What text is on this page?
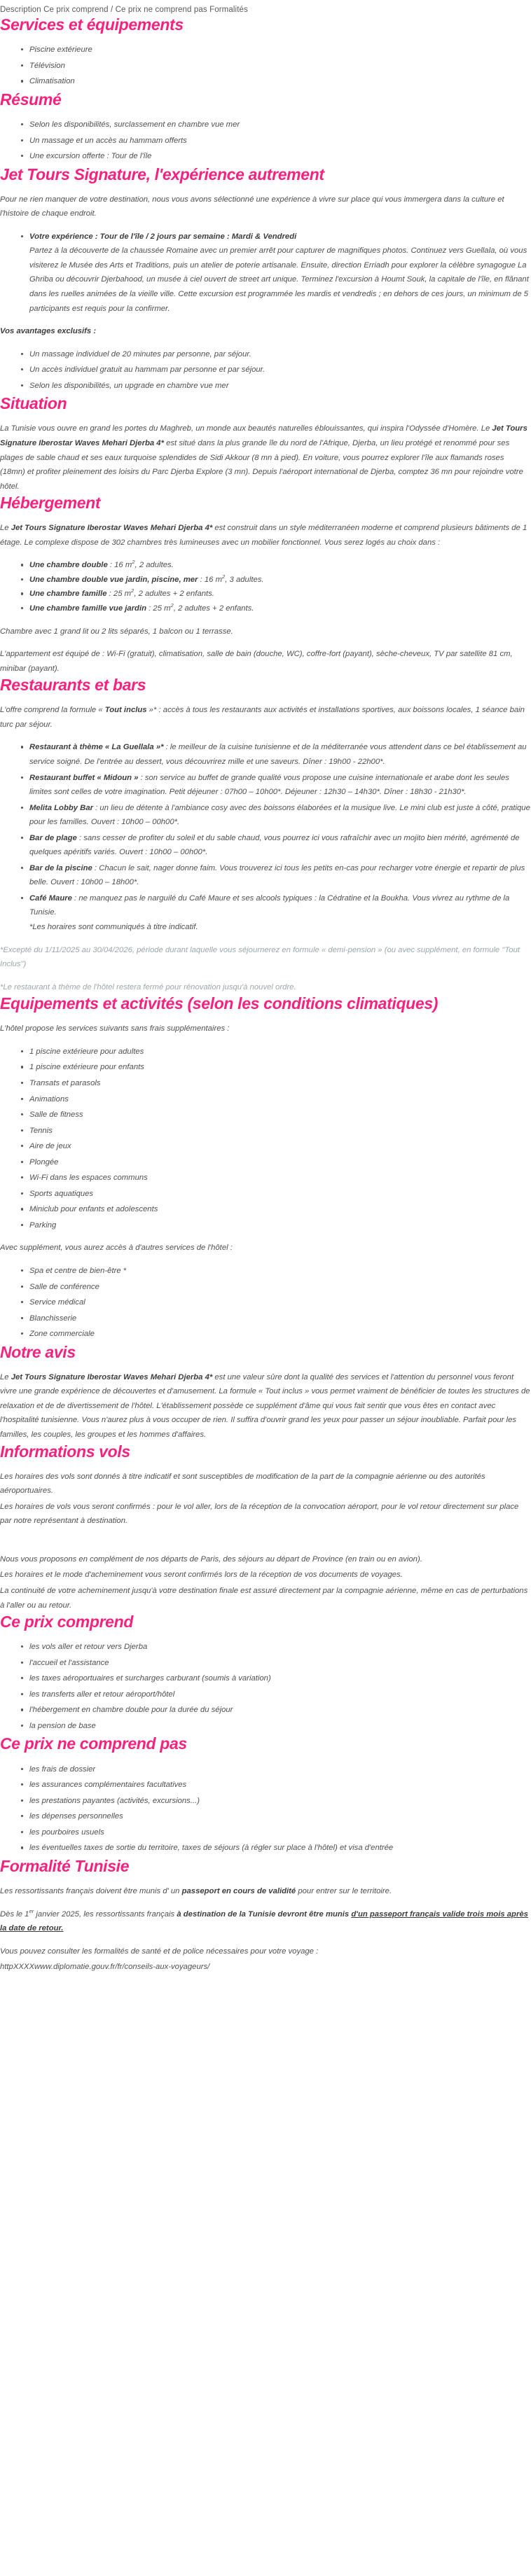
Description Ce prix comprend / Ce prix ne comprend pas Formalités
Services et équipements
Piscine extérieure
Télévision
Climatisation
Résumé
Selon les disponibilités, surclassement en chambre vue mer
Un massage et un accès au hammam offerts
Une excursion offerte : Tour de l'île
Jet Tours Signature, l'expérience autrement

Pour ne rien manquer de votre destination, nous vous avons sélectionné une expérience à vivre sur place qui vous immergera dans la culture et l'histoire de chaque endroit.

Votre expérience : Tour de l'île / 2 jours par semaine : Mardi & Vendredi
Partez à la découverte de la chaussée Romaine avec un premier arrêt pour capturer de magnifiques photos. Continuez vers Guellala, où vous visiterez le Musée des Arts et Traditions, puis un atelier de poterie artisanale. Ensuite, direction Erriadh pour explorer la célèbre synagogue La Ghriba ou découvrir Djerbahood, un musée à ciel ouvert de street art unique. Terminez l'excursion à Houmt Souk, la capitale de l'île, en flânant dans les ruelles animées de la vieille ville. Cette excursion est programmée les mardis et vendredis ; en dehors de ces jours, un minimum de 5 participants est requis pour la confirmer.

Vos avantages exclusifs :

Un massage individuel de 20 minutes par personne, par séjour.
Un accès individuel gratuit au hammam par personne et par séjour.
Selon les disponibilités, un upgrade en chambre vue mer
Situation

La Tunisie vous ouvre en grand les portes du Maghreb, un monde aux beautés naturelles éblouissantes, qui inspira l'Odyssée d'Homère. Le Jet Tours Signature Iberostar Waves Mehari Djerba 4* est situé dans la plus grande île du nord de l'Afrique, Djerba, un lieu protégé et renommé pour ses plages de sable chaud et ses eaux turquoise splendides de Sidi Akkour (8 mn à pied). En voiture, vous pourrez explorer l'île aux flamands roses (18mn) et profiter pleinement des loisirs du Parc Djerba Explore (3 mn). Depuis l'aéroport international de Djerba, comptez 36 mn pour rejoindre votre hôtel.

Hébergement

Le Jet Tours Signature Iberostar Waves Mehari Djerba 4* est construit dans un style méditerranéen moderne et comprend plusieurs bâtiments de 1 étage. Le complexe dispose de 302 chambres très lumineuses avec un mobilier fonctionnel. Vous serez logés au choix dans :

Une chambre double : 16 $m^2$, 2 adultes.
Une chambre double vue jardin, piscine, mer : 16 $m^2$, 3 adultes.
Une chambre famille : 25 $m^2$, 2 adultes + 2 enfants.
Une chambre famille vue jardin : 25 $m^2$, 2 adultes + 2 enfants.

Chambre avec 1 grand lit ou 2 lits séparés, 1 balcon ou 1 terrasse.

L'appartement est équipé de : Wi-Fi (gratuit), climatisation, salle de bain (douche, WC), coffre-fort (payant), sèche-cheveux, TV par satellite 81 cm, minibar (payant).

Restaurants et bars

L'offre comprend la formule « Tout inclus »* : accès à tous les restaurants aux activités et installations sportives, aux boissons locales, 1 séance bain turc par séjour.

Restaurant à thème « La Guellala »* : le meilleur de la cuisine tunisienne et de la méditerranée vous attendent dans ce bel établissement au service soigné. De l'entrée au dessert, vous découvrirez mille et une saveurs. Dîner : 19h00 - 22h00*.
Restaurant buffet « Midoun » : son service au buffet de grande qualité vous propose une cuisine internationale et arabe dont les seules limites sont celles de votre imagination. Petit déjeuner : 07h00 – 10h00*. Déjeuner : 12h30 – 14h30*. Dîner : 18h30 - 21h30*.
Melita Lobby Bar : un lieu de détente à l'ambiance cosy avec des boissons élaborées et la musique live. Le mini club est juste à côté, pratique pour les familles. Ouvert : 10h00 – 00h00*.
Bar de plage : sans cesser de profiter du soleil et du sable chaud, vous pourrez ici vous rafraîchir avec un mojito bien mérité, agrémenté de quelques apéritifs variés. Ouvert : 10h00 – 00h00*.
Bar de la piscine : Chacun le sait, nager donne faim. Vous trouverez ici tous les petits en-cas pour recharger votre énergie et repartir de plus belle. Ouvert : 10h00 – 18h00*.
Café Maure : ne manquez pas le narguilé du Café Maure et ses alcools typiques : la Cédratine et la Boukha. Vous vivrez au rythme de la Tunisie.
*Les horaires sont communiqués à titre indicatif.

*Excepté du 1/11/2025 au 30/04/2026, période durant laquelle vous séjournerez en formule « demi-pension » (ou avec supplément, en formule "Tout Inclus")

*Le restaurant à thème de l'hôtel restera fermé pour rénovation jusqu'à nouvel ordre.

Equipements et activités (selon les conditions climatiques)

L'hôtel propose les services suivants sans frais supplémentaires :

1 piscine extérieure pour adultes
1 piscine extérieure pour enfants
Transats et parasols
Animations
Salle de fitness
Tennis
Aire de jeux
Plongée
Wi-Fi dans les espaces communs
Sports aquatiques
Miniclub pour enfants et adolescents
Parking

Avec supplément, vous aurez accès à d'autres services de l'hôtel :

Spa et centre de bien-être *
Salle de conférence
Service médical
Blanchisserie
Zone commerciale
Notre avis

Le Jet Tours Signature Iberostar Waves Mehari Djerba 4* est une valeur sûre dont la qualité des services et l'attention du personnel vous feront vivre une grande expérience de découvertes et d'amusement. La formule « Tout inclus » vous permet vraiment de bénéficier de toutes les structures de relaxation et de de divertissement de l'hôtel. L'établissement possède ce supplément d'âme qui vous fait sentir que vous êtes en contact avec l'hospitalité tunisienne. Vous n'aurez plus à vous occuper de rien. Il suffira d'ouvrir grand les yeux pour passer un séjour inoubliable. Parfait pour les familles, les couples, les groupes et les hommes d'affaires.

Informations vols

Les horaires des vols sont donnés à titre indicatif et sont susceptibles de modification de la part de la compagnie aérienne ou des autorités aéroportuaires.

Les horaires de vols vous seront confirmés : pour le vol aller, lors de la réception de la convocation aéroport, pour le vol retour directement sur place par notre représentant à destination.

Nous vous proposons en complément de nos départs de Paris, des séjours au départ de Province (en train ou en avion).

Les horaires et le mode d'acheminement vous seront confirmés lors de la réception de vos documents de voyages.

La continuité de votre acheminement jusqu'à votre destination finale est assuré directement par la compagnie aérienne, même en cas de perturbations à l'aller ou au retour.

Ce prix comprend
les vols aller et retour vers Djerba
l'accueil et l'assistance
les taxes aéroportuaires et surcharges carburant (soumis à variation)
les transferts aller et retour aéroport/hôtel
l'hébergement en chambre double pour la durée du séjour
la pension de base
Ce prix ne comprend pas
les frais de dossier
les assurances complémentaires facultatives
les prestations payantes (activités, excursions...)
les dépenses personnelles
les pourboires usuels
les éventuelles taxes de sortie du territoire, taxes de séjours (à régler sur place à l'hôtel) et visa d'entrée
Formalité Tunisie

Les ressortissants français doivent être munis d' un passeport en cours de validité pour entrer sur le territoire.

Dès le 1er janvier 2025, les ressortissants français à destination de la Tunisie devront être munis d'un passeport français valide trois mois après la date de retour.

Vous pouvez consulter les formalités de santé et de police nécessaires pour votre voyage :

httpXXXXwww.diplomatie.gouv.fr/fr/conseils-aux-voyageurs/
